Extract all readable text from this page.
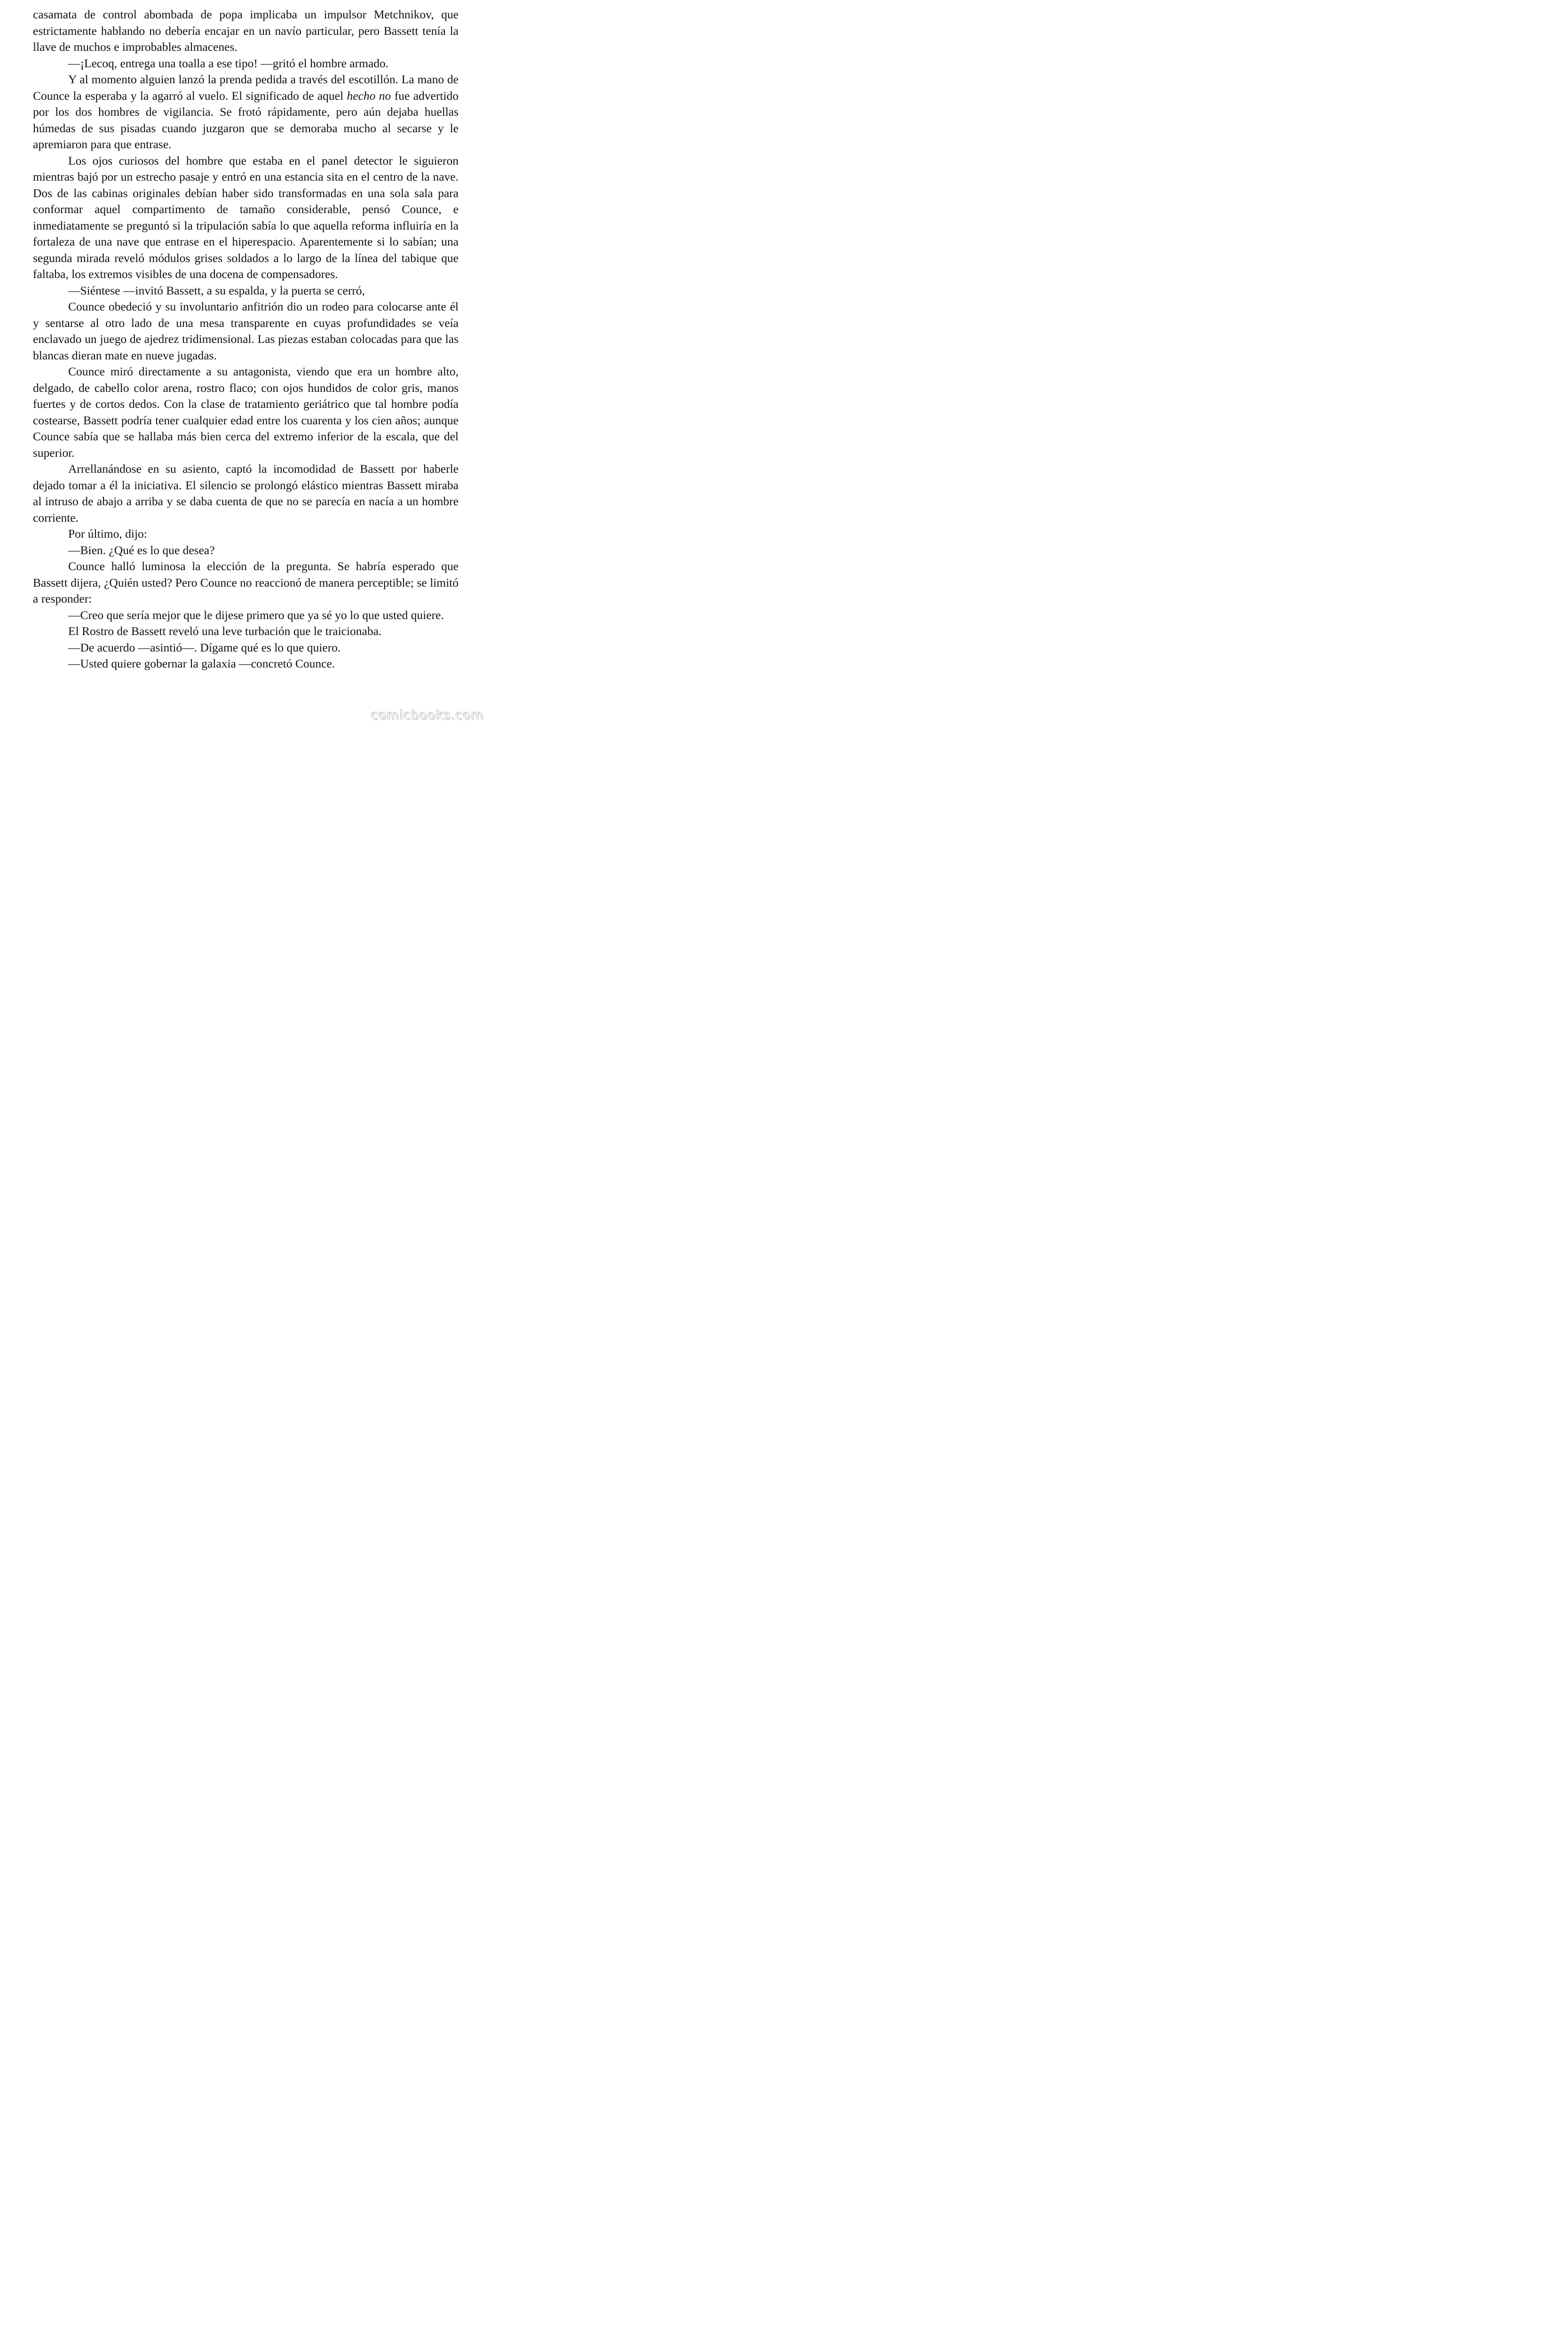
casamata de control abombada de popa implicaba un impulsor Metchnikov, que estrictamente hablando no debería encajar en un navío particular, pero Bassett tenía la llave de muchos e improbables almacenes.

—¡Lecoq, entrega una toalla a ese tipo! —gritó el hombre armado.

Y al momento alguien lanzó la prenda pedida a través del escotillón. La mano de Counce la esperaba y la agarró al vuelo. El significado de aquel hecho no fue advertido por los dos hombres de vigilancia. Se frotó rápidamente, pero aún dejaba huellas húmedas de sus pisadas cuando juzgaron que se demoraba mucho al secarse y le apremiaron para que entrase.

Los ojos curiosos del hombre que estaba en el panel detector le siguieron mientras bajó por un estrecho pasaje y entró en una estancia sita en el centro de la nave. Dos de las cabinas originales debían haber sido transformadas en una sola sala para conformar aquel compartimento de tamaño considerable, pensó Counce, e inmediatamente se preguntó si la tripulación sabía lo que aquella reforma influiría en la fortaleza de una nave que entrase en el hiperespacio. Aparentemente si lo sabían; una segunda mirada reveló módulos grises soldados a lo largo de la línea del tabique que faltaba, los extremos visibles de una docena de compensadores.

—Siéntese —invitó Bassett, a su espalda, y la puerta se cerró,

Counce obedeció y su involuntario anfitrión dio un rodeo para colocarse ante él y sentarse al otro lado de una mesa transparente en cuyas profundidades se veía enclavado un juego de ajedrez tridimensional. Las piezas estaban colocadas para que las blancas dieran mate en nueve jugadas.

Counce miró directamente a su antagonista, viendo que era un hombre alto, delgado, de cabello color arena, rostro flaco; con ojos hundidos de color gris, manos fuertes y de cortos dedos. Con la clase de tratamiento geriátrico que tal hombre podía costearse, Bassett podría tener cualquier edad entre los cuarenta y los cien años; aunque Counce sabía que se hallaba más bien cerca del extremo inferior de la escala, que del superior.

Arrellanándose en su asiento, captó la incomodidad de Bassett por haberle dejado tomar a él la iniciativa. El silencio se prolongó elástico mientras Bassett miraba al intruso de abajo a arriba y se daba cuenta de que no se parecía en nacía a un hombre corriente.

Por último, dijo:

—Bien. ¿Qué es lo que desea?

Counce halló luminosa la elección de la pregunta. Se habría esperado que Bassett dijera, ¿Quién usted? Pero Counce no reaccionó de manera perceptible; se limitó a responder:

—Creo que sería mejor que le dijese primero que ya sé yo lo que usted quiere.

El Rostro de Bassett reveló una leve turbación que le traicionaba.

—De acuerdo —asintió—. Dígame qué es lo que quiero.

—Usted quiere gobernar la galaxia —concretó Counce.

comicbooks.com
